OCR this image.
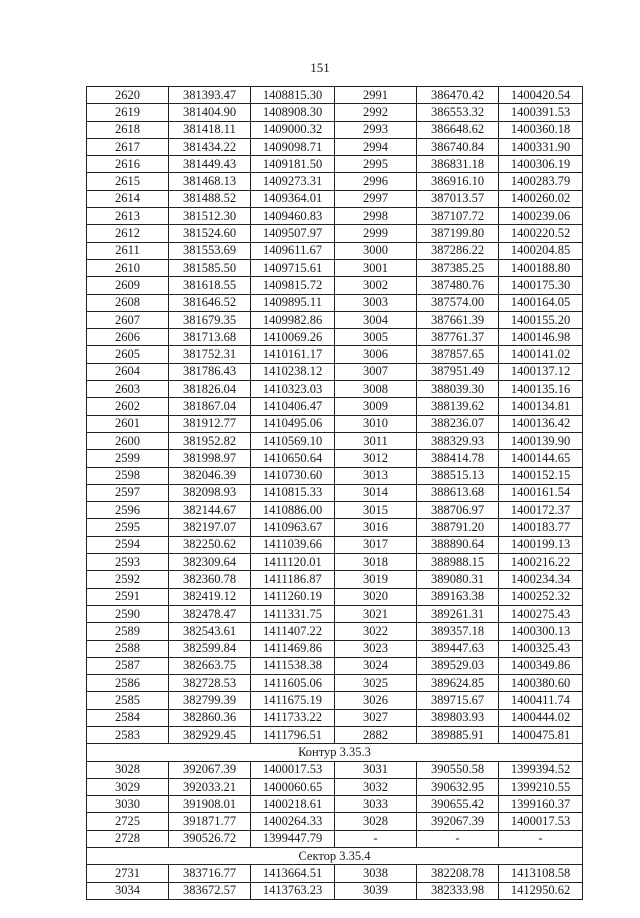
151
2620	381393.47	1408815.30	2991	386470.42	1400420.54
2619	381404.90	1408908.30	2992	386553.32	1400391.53
2618	381418.11	1409000.32	2993	386648.62	1400360.18
2617	381434.22	1409098.71	2994	386740.84	1400331.90
2616	381449.43	1409181.50	2995	386831.18	1400306.19
2615	381468.13	1409273.31	2996	386916.10	1400283.79
2614	381488.52	1409364.01	2997	387013.57	1400260.02
2613	381512.30	1409460.83	2998	387107.72	1400239.06
2612	381524.60	1409507.97	2999	387199.80	1400220.52
2611	381553.69	1409611.67	3000	387286.22	1400204.85
2610	381585.50	1409715.61	3001	387385.25	1400188.80
2609	381618.55	1409815.72	3002	387480.76	1400175.30
2608	381646.52	1409895.11	3003	387574.00	1400164.05
2607	381679.35	1409982.86	3004	387661.39	1400155.20
2606	381713.68	1410069.26	3005	387761.37	1400146.98
2605	381752.31	1410161.17	3006	387857.65	1400141.02
2604	381786.43	1410238.12	3007	387951.49	1400137.12
2603	381826.04	1410323.03	3008	388039.30	1400135.16
2602	381867.04	1410406.47	3009	388139.62	1400134.81
2601	381912.77	1410495.06	3010	388236.07	1400136.42
2600	381952.82	1410569.10	3011	388329.93	1400139.90
2599	381998.97	1410650.64	3012	388414.78	1400144.65
2598	382046.39	1410730.60	3013	388515.13	1400152.15
2597	382098.93	1410815.33	3014	388613.68	1400161.54
2596	382144.67	1410886.00	3015	388706.97	1400172.37
2595	382197.07	1410963.67	3016	388791.20	1400183.77
2594	382250.62	1411039.66	3017	388890.64	1400199.13
2593	382309.64	1411120.01	3018	388988.15	1400216.22
2592	382360.78	1411186.87	3019	389080.31	1400234.34
2591	382419.12	1411260.19	3020	389163.38	1400252.32
2590	382478.47	1411331.75	3021	389261.31	1400275.43
2589	382543.61	1411407.22	3022	389357.18	1400300.13
2588	382599.84	1411469.86	3023	389447.63	1400325.43
2587	382663.75	1411538.38	3024	389529.03	1400349.86
2586	382728.53	1411605.06	3025	389624.85	1400380.60
2585	382799.39	1411675.19	3026	389715.67	1400411.74
2584	382860.36	1411733.22	3027	389803.93	1400444.02
2583	382929.45	1411796.51	2882	389885.91	1400475.81
Контур 3.35.3					
3028	392067.39	1400017.53	3031	390550.58	1399394.52
3029	392033.21	1400060.65	3032	390632.95	1399210.55
3030	391908.01	1400218.61	3033	390655.42	1399160.37
2725	391871.77	1400264.33	3028	392067.39	1400017.53
2728	390526.72	1399447.79	-	-	-
Сектор 3.35.4					
2731	383716.77	1413664.51	3038	382208.78	1413108.58
3034	383672.57	1413763.23	3039	382333.98	1412950.62
